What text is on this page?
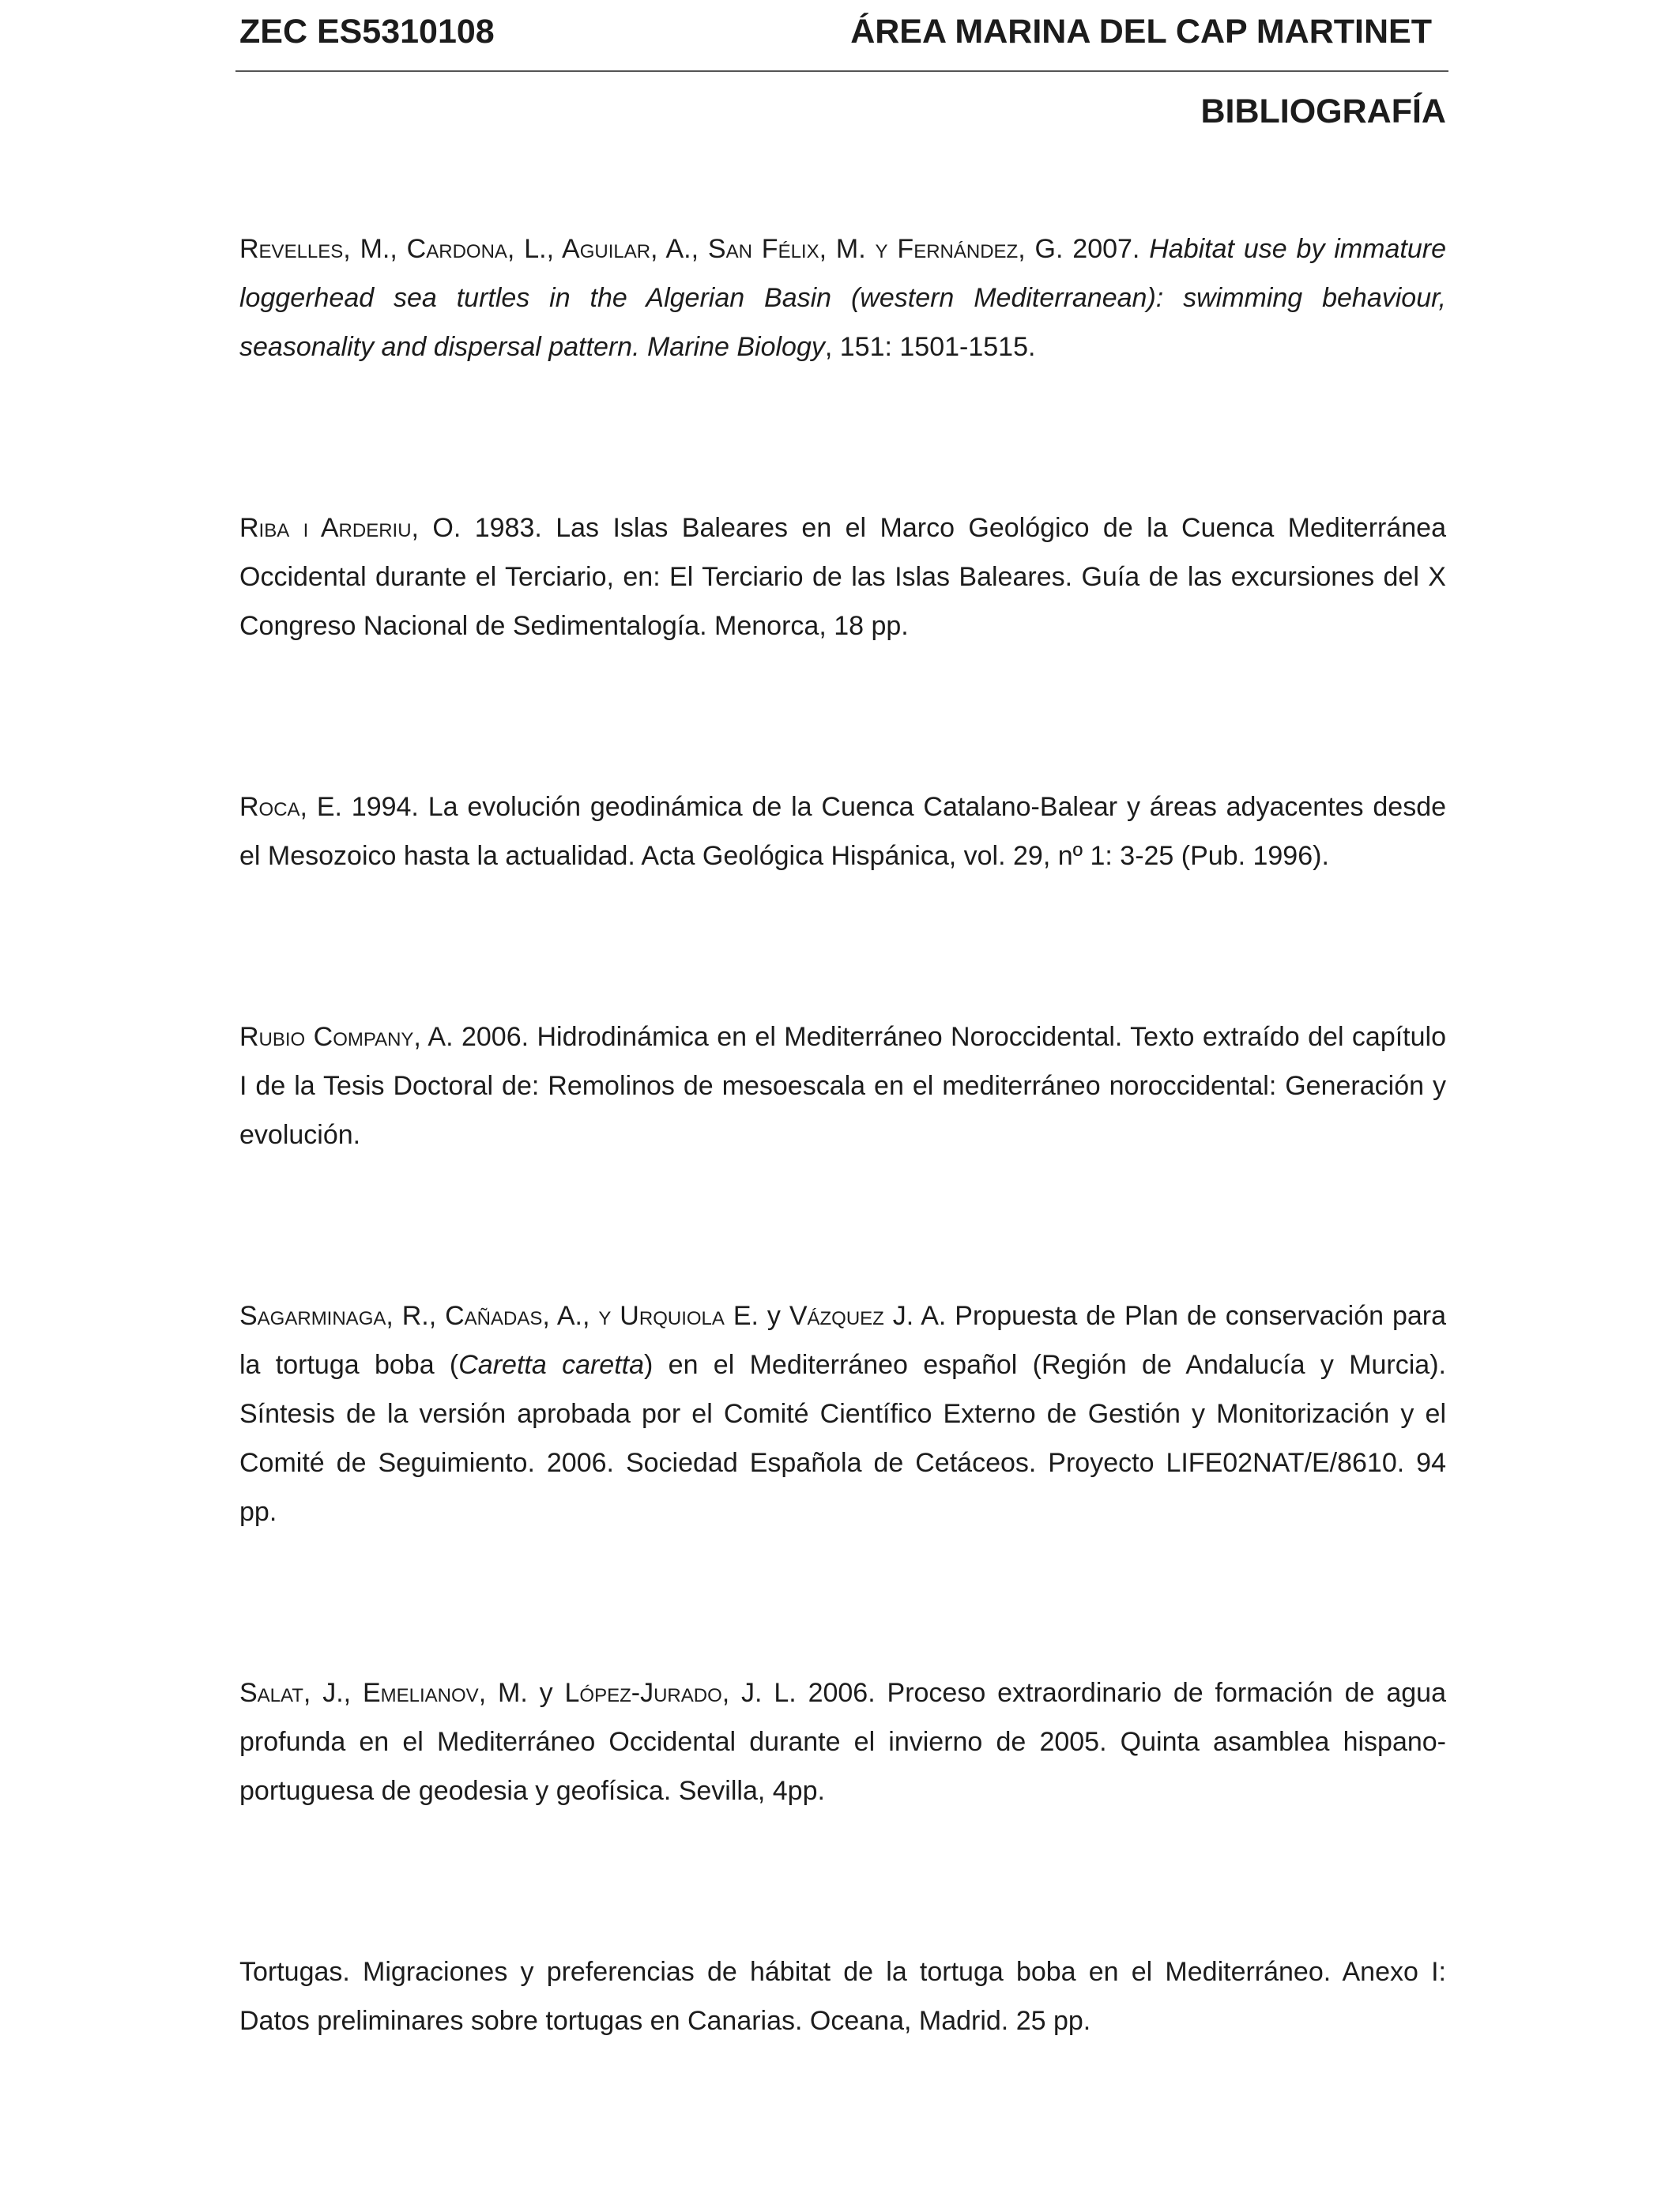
ZEC ES5310108	ÁREA MARINA DEL CAP MARTINET
BIBLIOGRAFÍA

Revelles, M., Cardona, L., Aguilar, A., San Félix, M. y Fernández, G. 2007. Habitat use by immature loggerhead sea turtles in the Algerian Basin (western Mediterranean): swimming behaviour, seasonality and dispersal pattern. Marine Biology, 151: 1501-1515.

Riba i Arderiu, O. 1983. Las Islas Baleares en el Marco Geológico de la Cuenca Mediterránea Occidental durante el Terciario, en: El Terciario de las Islas Baleares. Guía de las excursiones del X Congreso Nacional de Sedimentalogía. Menorca, 18 pp.

Roca, E. 1994. La evolución geodinámica de la Cuenca Catalano-Balear y áreas adyacentes desde el Mesozoico hasta la actualidad. Acta Geológica Hispánica, vol. 29, nº 1: 3-25 (Pub. 1996).

Rubio Company, A. 2006. Hidrodinámica en el Mediterráneo Noroccidental. Texto extraído del capítulo I de la Tesis Doctoral de: Remolinos de mesoescala en el mediterráneo noroccidental: Generación y evolución.

Sagarminaga, R., Cañadas, A., y Urquiola E. y Vázquez J. A. Propuesta de Plan de conservación para la tortuga boba (Caretta caretta) en el Mediterráneo español (Región de Andalucía y Murcia). Síntesis de la versión aprobada por el Comité Científico Externo de Gestión y Monitorización y el Comité de Seguimiento. 2006. Sociedad Española de Cetáceos. Proyecto LIFE02NAT/E/8610. 94 pp.

Salat, J., Emelianov, M. y López-Jurado, J. L. 2006. Proceso extraordinario de formación de agua profunda en el Mediterráneo Occidental durante el invierno de 2005. Quinta asamblea hispano-portuguesa de geodesia y geofísica. Sevilla, 4pp.

Tortugas. Migraciones y preferencias de hábitat de la tortuga boba en el Mediterráneo. Anexo I: Datos preliminares sobre tortugas en Canarias. Oceana, Madrid. 25 pp.
